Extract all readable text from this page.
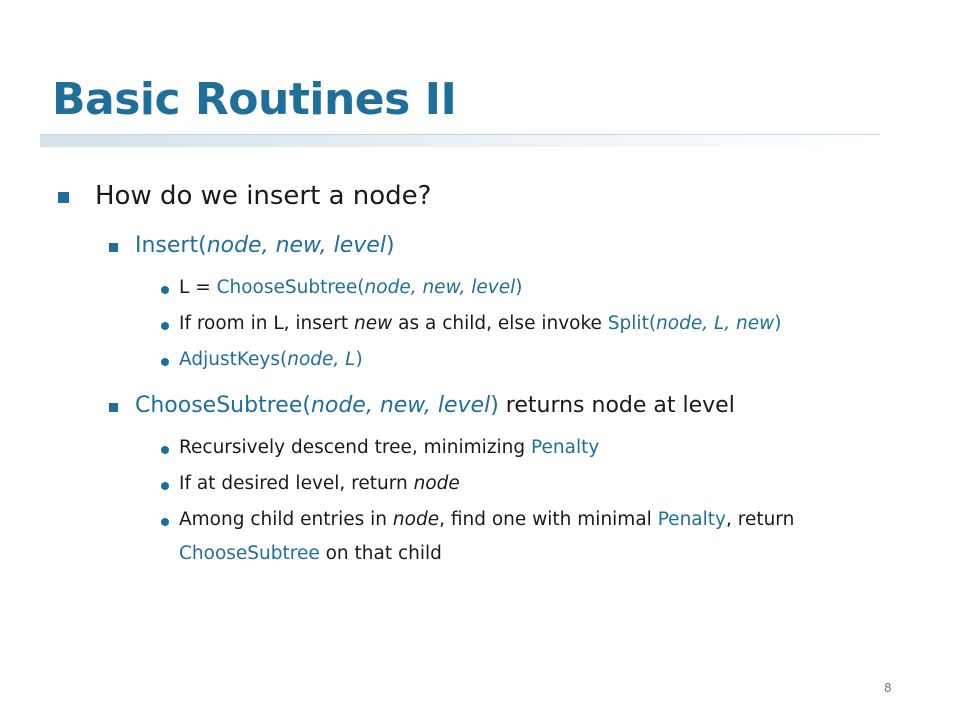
Basic Routines II
How do we insert a node?
Insert(node, new, level)
L = ChooseSubtree(node, new, level)
If room in L, insert new as a child, else invoke Split(node, L, new)
AdjustKeys(node, L)
ChooseSubtree(node, new, level) returns node at level
Recursively descend tree, minimizing Penalty
If at desired level, return node
Among child entries in node, find one with minimal Penalty, return
ChooseSubtree on that child
8
